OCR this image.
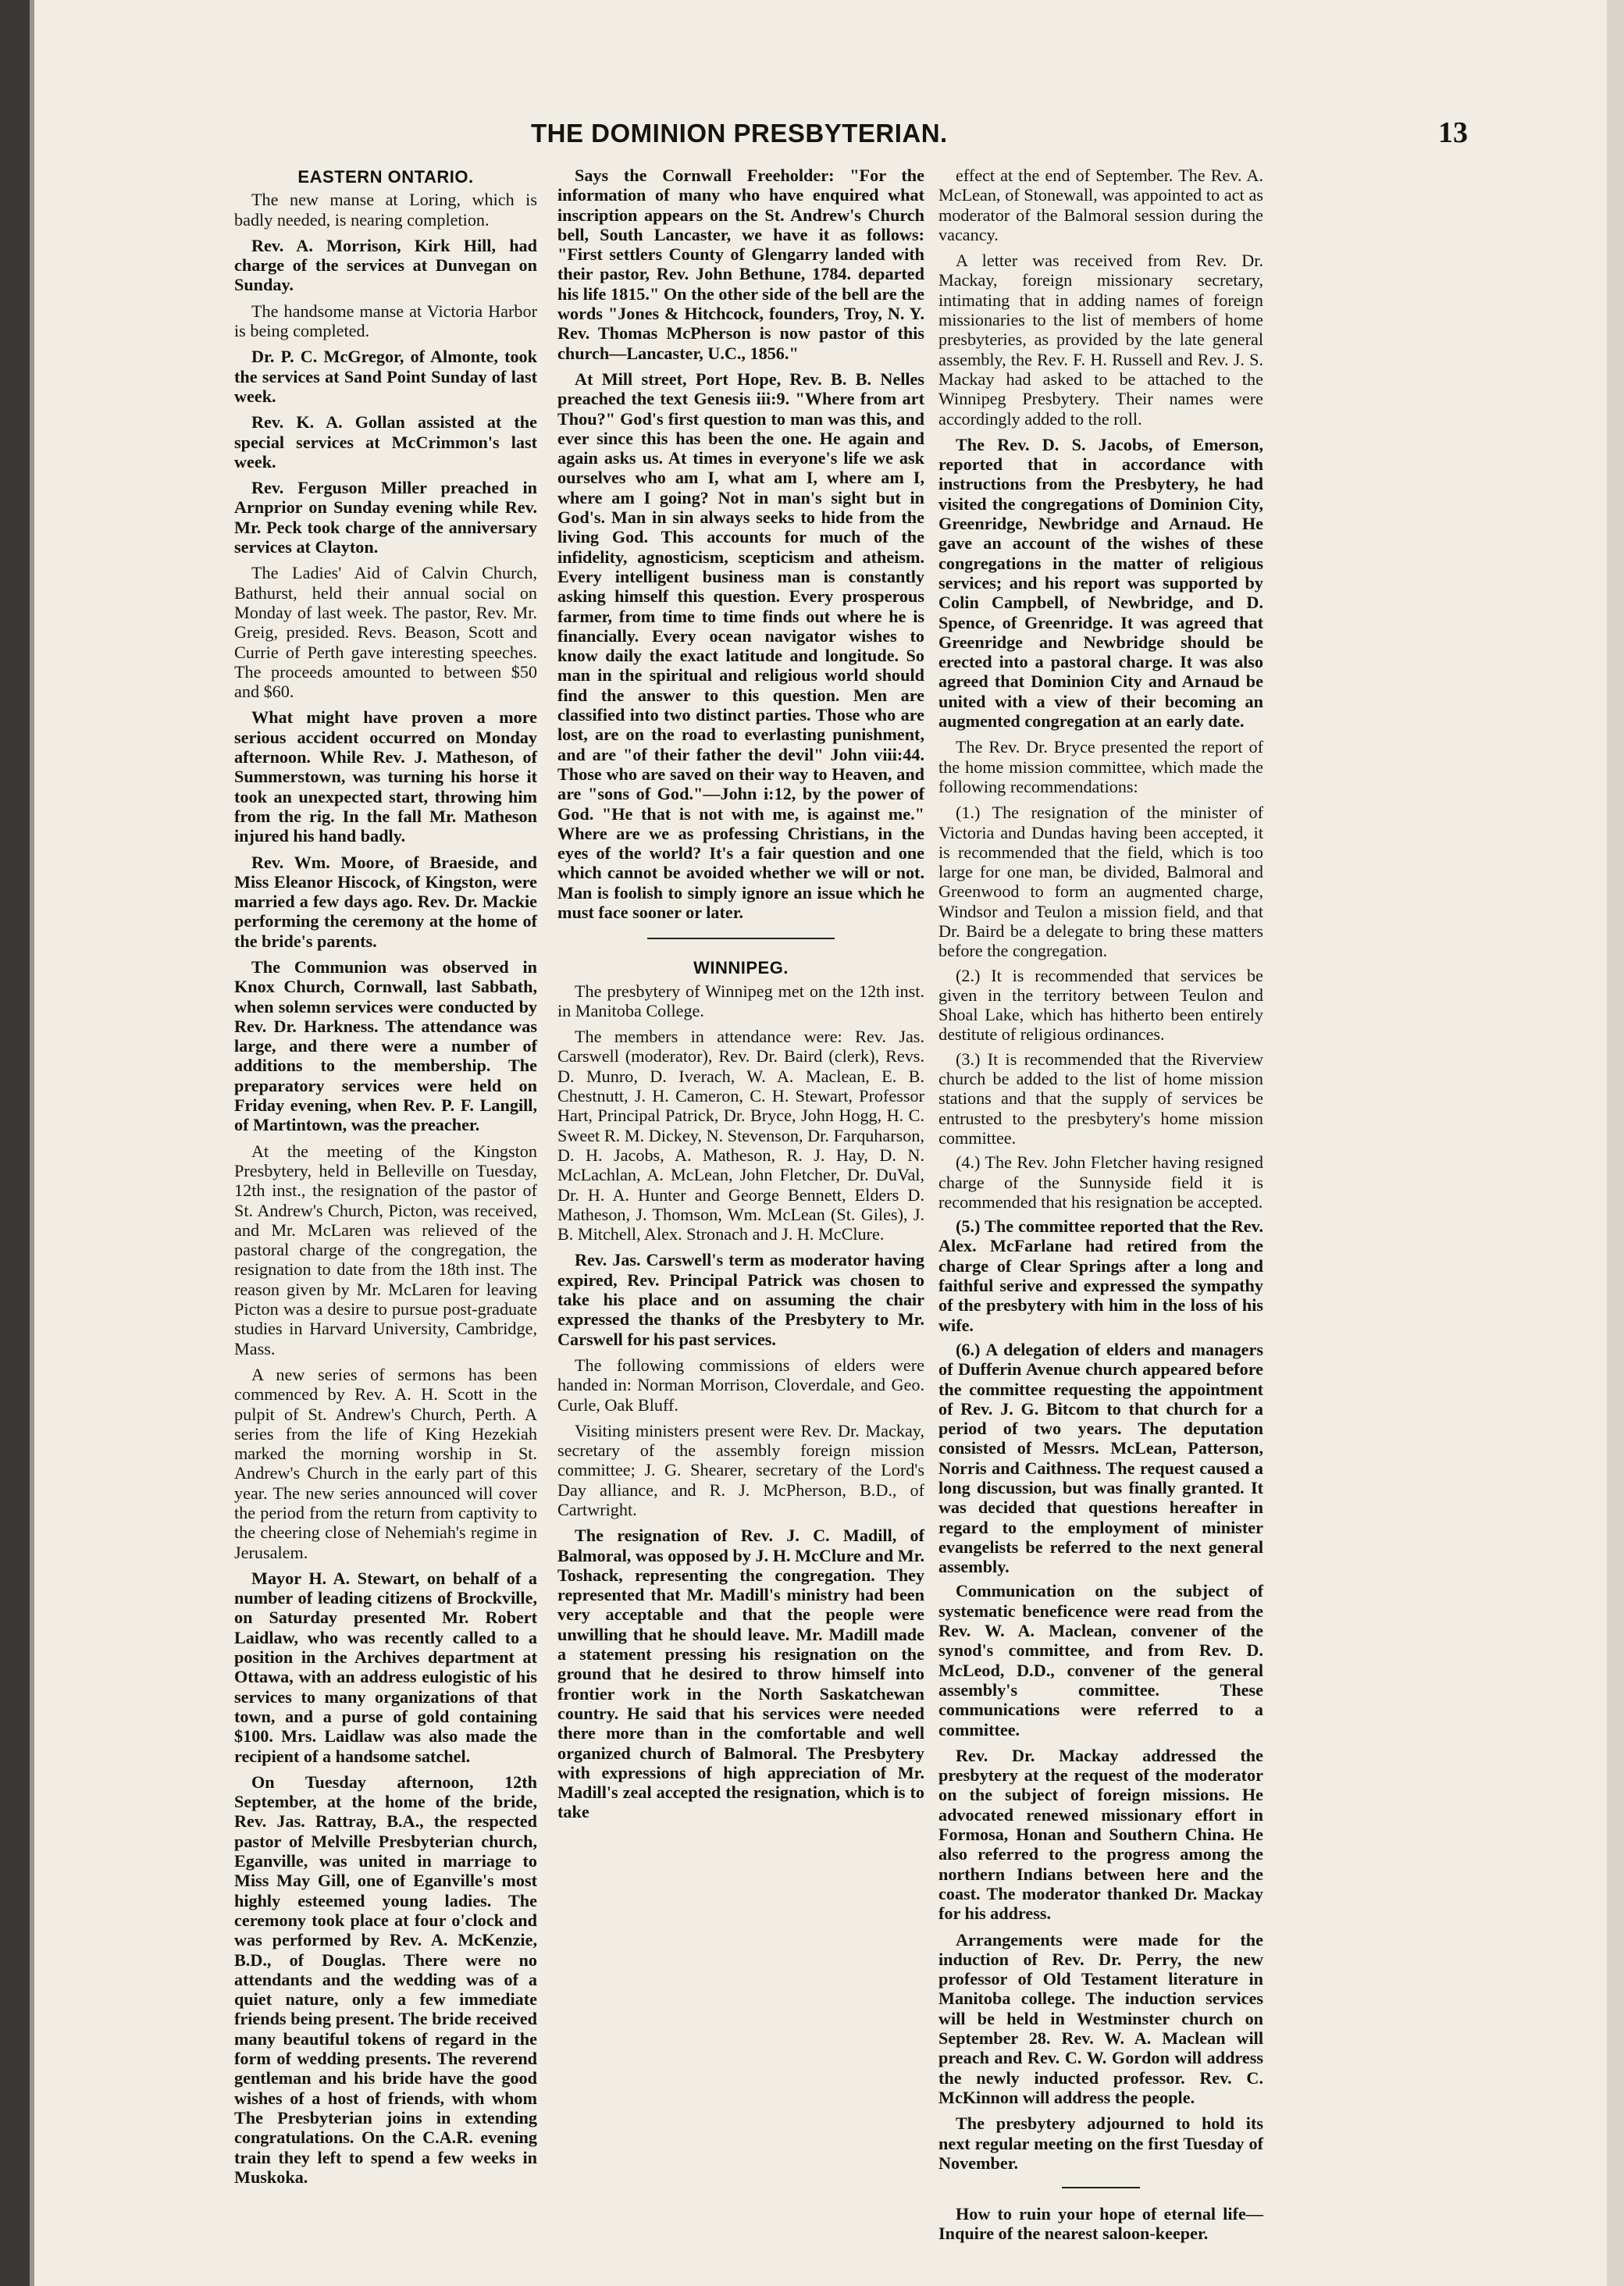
THE DOMINION PRESBYTERIAN.	13
EASTERN ONTARIO.

The new manse at Loring, which is badly needed, is nearing completion.

Rev. A. Morrison, Kirk Hill, had charge of the services at Dunvegan on Sunday.

The handsome manse at Victoria Harbor is being completed.

Dr. P. C. McGregor, of Almonte, took the services at Sand Point Sunday of last week.

Rev. K. A. Gollan assisted at the special services at McCrimmon's last week.

Rev. Ferguson Miller preached in Arnprior on Sunday evening while Rev. Mr. Peck took charge of the anniversary services at Clayton.

The Ladies' Aid of Calvin Church, Bathurst, held their annual social on Monday of last week. The pastor, Rev. Mr. Greig, presided. Revs. Beason, Scott and Currie of Perth gave interesting speeches. The proceeds amounted to between $50 and $60.

What might have proven a more serious accident occurred on Monday afternoon. While Rev. J. Matheson, of Summerstown, was turning his horse it took an unexpected start, throwing him from the rig. In the fall Mr. Matheson injured his hand badly.

Rev. Wm. Moore, of Braeside, and Miss Eleanor Hiscock, of Kingston, were married a few days ago. Rev. Dr. Mackie performing the ceremony at the home of the bride's parents.

The Communion was observed in Knox Church, Cornwall, last Sabbath, when solemn services were conducted by Rev. Dr. Harkness. The attendance was large, and there were a number of additions to the membership. The preparatory services were held on Friday evening, when Rev. P. F. Langill, of Martintown, was the preacher.

At the meeting of the Kingston Presbytery, held in Belleville on Tuesday, 12th inst., the resignation of the pastor of St. Andrew's Church, Picton, was received, and Mr. McLaren was relieved of the pastoral charge of the congregation, the resignation to date from the 18th inst. The reason given by Mr. McLaren for leaving Picton was a desire to pursue post-graduate studies in Harvard University, Cambridge, Mass.

A new series of sermons has been commenced by Rev. A. H. Scott in the pulpit of St. Andrew's Church, Perth. A series from the life of King Hezekiah marked the morning worship in St. Andrew's Church in the early part of this year. The new series announced will cover the period from the return from captivity to the cheering close of Nehemiah's regime in Jerusalem.

Mayor H. A. Stewart, on behalf of a number of leading citizens of Brockville, on Saturday presented Mr. Robert Laidlaw, who was recently called to a position in the Archives department at Ottawa, with an address eulogistic of his services to many organizations of that town, and a purse of gold containing $100. Mrs. Laidlaw was also made the recipient of a handsome satchel.

On Tuesday afternoon, 12th September, at the home of the bride, Rev. Jas. Rattray, B.A., the respected pastor of Melville Presbyterian church, Eganville, was united in marriage to Miss May Gill, one of Eganville's most highly esteemed young ladies. The ceremony took place at four o'clock and was performed by Rev. A. McKenzie, B.D., of Douglas. There were no attendants and the wedding was of a quiet nature, only a few immediate friends being present. The bride received many beautiful tokens of regard in the form of wedding presents. The reverend gentleman and his bride have the good wishes of a host of friends, with whom The Presbyterian joins in extending congratulations. On the C.A.R. evening train they left to spend a few weeks in Muskoka.

Says the Cornwall Freeholder: "For the information of many who have enquired what inscription appears on the St. Andrew's Church bell, South Lancaster, we have it as follows: "First settlers County of Glengarry landed with their pastor, Rev. John Bethune, 1784. departed his life 1815." On the other side of the bell are the words "Jones & Hitchcock, founders, Troy, N. Y. Rev. Thomas McPherson is now pastor of this church—Lancaster, U.C., 1856."

At Mill street, Port Hope, Rev. B. B. Nelles preached the text Genesis iii:9. "Where from art Thou?" God's first question to man was this, and ever since this has been the one. He again and again asks us. At times in everyone's life we ask ourselves who am I, what am I, where am I, where am I going? Not in man's sight but in God's. Man in sin always seeks to hide from the living God. This accounts for much of the infidelity, agnosticism, scepticism and atheism. Every intelligent business man is constantly asking himself this question. Every prosperous farmer, from time to time finds out where he is financially. Every ocean navigator wishes to know daily the exact latitude and longitude. So man in the spiritual and religious world should find the answer to this question. Men are classified into two distinct parties. Those who are lost, are on the road to everlasting punishment, and are "of their father the devil" John viii:44. Those who are saved on their way to Heaven, and are "sons of God."—John i:12, by the power of God. "He that is not with me, is against me." Where are we as professing Christians, in the eyes of the world? It's a fair question and one which cannot be avoided whether we will or not. Man is foolish to simply ignore an issue which he must face sooner or later.

WINNIPEG.

The presbytery of Winnipeg met on the 12th inst. in Manitoba College.

The members in attendance were: Rev. Jas. Carswell (moderator), Rev. Dr. Baird (clerk), Revs. D. Munro, D. Iverach, W. A. Maclean, E. B. Chestnutt, J. H. Cameron, C. H. Stewart, Professor Hart, Principal Patrick, Dr. Bryce, John Hogg, H. C. Sweet R. M. Dickey, N. Stevenson, Dr. Farquharson, D. H. Jacobs, A. Matheson, R. J. Hay, D. N. McLachlan, A. McLean, John Fletcher, Dr. DuVal, Dr. H. A. Hunter and George Bennett, Elders D. Matheson, J. Thomson, Wm. McLean (St. Giles), J. B. Mitchell, Alex. Stronach and J. H. McClure.

Rev. Jas. Carswell's term as moderator having expired, Rev. Principal Patrick was chosen to take his place and on assuming the chair expressed the thanks of the Presbytery to Mr. Carswell for his past services.

The following commissions of elders were handed in: Norman Morrison, Cloverdale, and Geo. Curle, Oak Bluff.

Visiting ministers present were Rev. Dr. Mackay, secretary of the assembly foreign mission committee; J. G. Shearer, secretary of the Lord's Day alliance, and R. J. McPherson, B.D., of Cartwright.

The resignation of Rev. J. C. Madill, of Balmoral, was opposed by J. H. McClure and Mr. Toshack, representing the congregation. They represented that Mr. Madill's ministry had been very acceptable and that the people were unwilling that he should leave. Mr. Madill made a statement pressing his resignation on the ground that he desired to throw himself into frontier work in the North Saskatchewan country. He said that his services were needed there more than in the comfortable and well organized church of Balmoral. The Presbytery with expressions of high appreciation of Mr. Madill's zeal accepted the resignation, which is to take

effect at the end of September. The Rev. A. McLean, of Stonewall, was appointed to act as moderator of the Balmoral session during the vacancy.

A letter was received from Rev. Dr. Mackay, foreign missionary secretary, intimating that in adding names of foreign missionaries to the list of members of home presbyteries, as provided by the late general assembly, the Rev. F. H. Russell and Rev. J. S. Mackay had asked to be attached to the Winnipeg Presbytery. Their names were accordingly added to the roll.

The Rev. D. S. Jacobs, of Emerson, reported that in accordance with instructions from the Presbytery, he had visited the congregations of Dominion City, Greenridge, Newbridge and Arnaud. He gave an account of the wishes of these congregations in the matter of religious services; and his report was supported by Colin Campbell, of Newbridge, and D. Spence, of Greenridge. It was agreed that Greenridge and Newbridge should be erected into a pastoral charge. It was also agreed that Dominion City and Arnaud be united with a view of their becoming an augmented congregation at an early date.

The Rev. Dr. Bryce presented the report of the home mission committee, which made the following recommendations:

(1.) The resignation of the minister of Victoria and Dundas having been accepted, it is recommended that the field, which is too large for one man, be divided, Balmoral and Greenwood to form an augmented charge, Windsor and Teulon a mission field, and that Dr. Baird be a delegate to bring these matters before the congregation.

(2.) It is recommended that services be given in the territory between Teulon and Shoal Lake, which has hitherto been entirely destitute of religious ordinances.

(3.) It is recommended that the Riverview church be added to the list of home mission stations and that the supply of services be entrusted to the presbytery's home mission committee.

(4.) The Rev. John Fletcher having resigned charge of the Sunnyside field it is recommended that his resignation be accepted.

(5.) The committee reported that the Rev. Alex. McFarlane had retired from the charge of Clear Springs after a long and faithful serive and expressed the sympathy of the presbytery with him in the loss of his wife.

(6.) A delegation of elders and managers of Dufferin Avenue church appeared before the committee requesting the appointment of Rev. J. G. Bitcom to that church for a period of two years. The deputation consisted of Messrs. McLean, Patterson, Norris and Caithness. The request caused a long discussion, but was finally granted. It was decided that questions hereafter in regard to the employment of minister evangelists be referred to the next general assembly.

Communication on the subject of systematic beneficence were read from the Rev. W. A. Maclean, convener of the synod's committee, and from Rev. D. McLeod, D.D., convener of the general assembly's committee. These communications were referred to a committee.

Rev. Dr. Mackay addressed the presbytery at the request of the moderator on the subject of foreign missions. He advocated renewed missionary effort in Formosa, Honan and Southern China. He also referred to the progress among the northern Indians between here and the coast. The moderator thanked Dr. Mackay for his address.

Arrangements were made for the induction of Rev. Dr. Perry, the new professor of Old Testament literature in Manitoba college. The induction services will be held in Westminster church on September 28. Rev. W. A. Maclean will preach and Rev. C. W. Gordon will address the newly inducted professor. Rev. C. McKinnon will address the people.

The presbytery adjourned to hold its next regular meeting on the first Tuesday of November.

How to ruin your hope of eternal life—Inquire of the nearest saloon-keeper.
